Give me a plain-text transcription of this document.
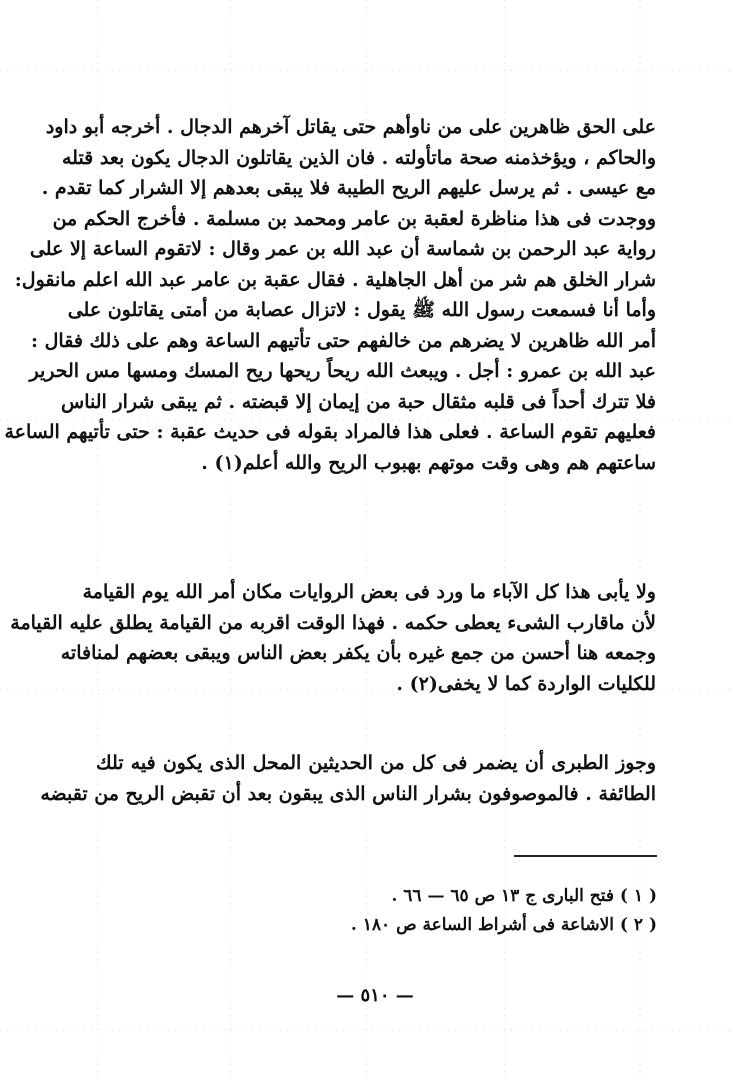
على الحق ظاهرين على من ناوأهم حتى يقاتل آخرهم الدجال . أخرجه أبو داود
والحاكم ، ويؤخذمنه صحة ماتأولته . فان الذين يقاتلون الدجال يكون بعد قتله
مع عيسى . ثم يرسل عليهم الريح الطيبة فلا يبقى بعدهم إلا الشرار كما تقدم .
ووجدت فى هذا مناظرة لعقبة بن عامر ومحمد بن مسلمة . فأخرج الحكم من
رواية عبد الرحمن بن شماسة أن عبد الله بن عمر وقال : لاتقوم الساعة إلا على
شرار الخلق هم شر من أهل الجاهلية . فقال عقبة بن عامر عبد الله اعلم مانقول:
وأما أنا فسمعت رسول الله ﷺ يقول : لاتزال عصابة من أمتى يقاتلون على
أمر الله ظاهرين لا يضرهم من خالفهم حتى تأتيهم الساعة وهم على ذلك فقال :
عبد الله بن عمرو : أجل . ويبعث الله ريحاً ريحها ريح المسك ومسها مس الحرير
فلا تترك أحداً فى قلبه مثقال حبة من إيمان إلا قبضته . ثم يبقى شرار الناس
فعليهم تقوم الساعة . فعلى هذا فالمراد بقوله فى حديث عقبة : حتى تأتيهم الساعة
ساعتهم هم وهى وقت موتهم بهبوب الريح والله أعلم(١) .
ولا يأبى هذا كل الآباء ما ورد فى بعض الروايات مكان أمر الله يوم القيامة
لأن ماقارب الشىء يعطى حكمه . فهذا الوقت اقربه من القيامة يطلق عليه القيامة
وجمعه هنا أحسن من جمع غيره بأن يكفر بعض الناس ويبقى بعضهم لمنافاته
للكليات الواردة كما لا يخفى(٢) .
وجوز الطبرى أن يضمر فى كل من الحديثين المحل الذى يكون فيه تلك
الطائفة . فالموصوفون بشرار الناس الذى يبقون بعد أن تقبض الريح من تقبضه
( ١ ) فتح البارى ج ١٣ ص ٦٥ — ٦٦ .
( ٢ ) الاشاعة فى أشراط الساعة ص ١٨٠ .
— ٥١٠ —
